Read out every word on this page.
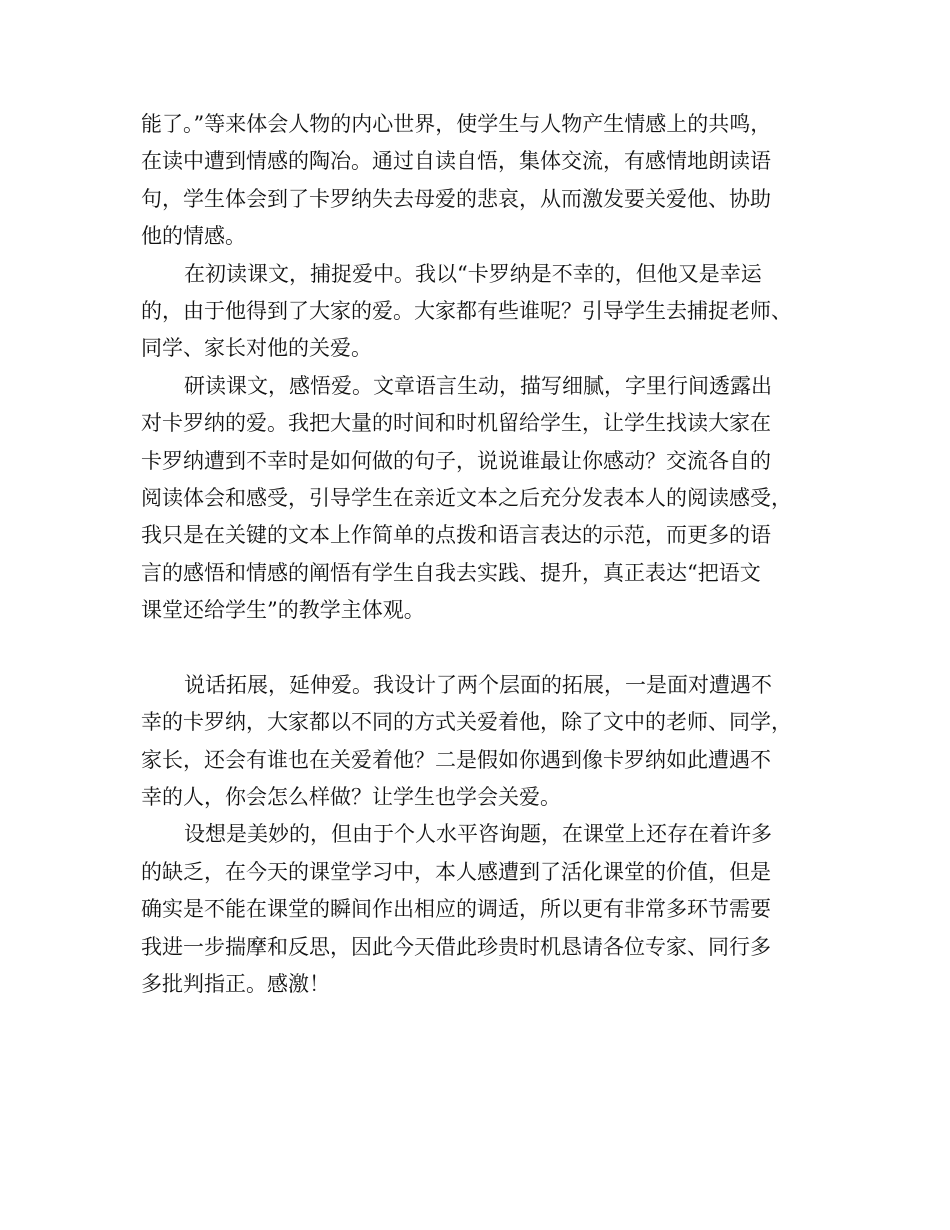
能了。”等来体会人物的内心世界，使学生与人物产生情感上的共鸣，
在读中遭到情感的陶冶。通过自读自悟，集体交流，有感情地朗读语
句，学生体会到了卡罗纳失去母爱的悲哀，从而激发要关爱他、协助
他的情感。
在初读课文，捕捉爱中。我以“卡罗纳是不幸的，但他又是幸运
的，由于他得到了大家的爱。大家都有些谁呢？引导学生去捕捉老师、
同学、家长对他的关爱。
研读课文，感悟爱。文章语言生动，描写细腻，字里行间透露出
对卡罗纳的爱。我把大量的时间和时机留给学生，让学生找读大家在
卡罗纳遭到不幸时是如何做的句子，说说谁最让你感动？交流各自的
阅读体会和感受，引导学生在亲近文本之后充分发表本人的阅读感受，
我只是在关键的文本上作简单的点拨和语言表达的示范，而更多的语
言的感悟和情感的阐悟有学生自我去实践、提升，真正表达“把语文
课堂还给学生”的教学主体观。
说话拓展，延伸爱。我设计了两个层面的拓展，一是面对遭遇不
幸的卡罗纳，大家都以不同的方式关爱着他，除了文中的老师、同学，
家长，还会有谁也在关爱着他？二是假如你遇到像卡罗纳如此遭遇不
幸的人，你会怎么样做？让学生也学会关爱。
设想是美妙的，但由于个人水平咨询题，在课堂上还存在着许多
的缺乏，在今天的课堂学习中，本人感遭到了活化课堂的价值，但是
确实是不能在课堂的瞬间作出相应的调适，所以更有非常多环节需要
我进一步揣摩和反思，因此今天借此珍贵时机恳请各位专家、同行多
多批判指正。感激！
